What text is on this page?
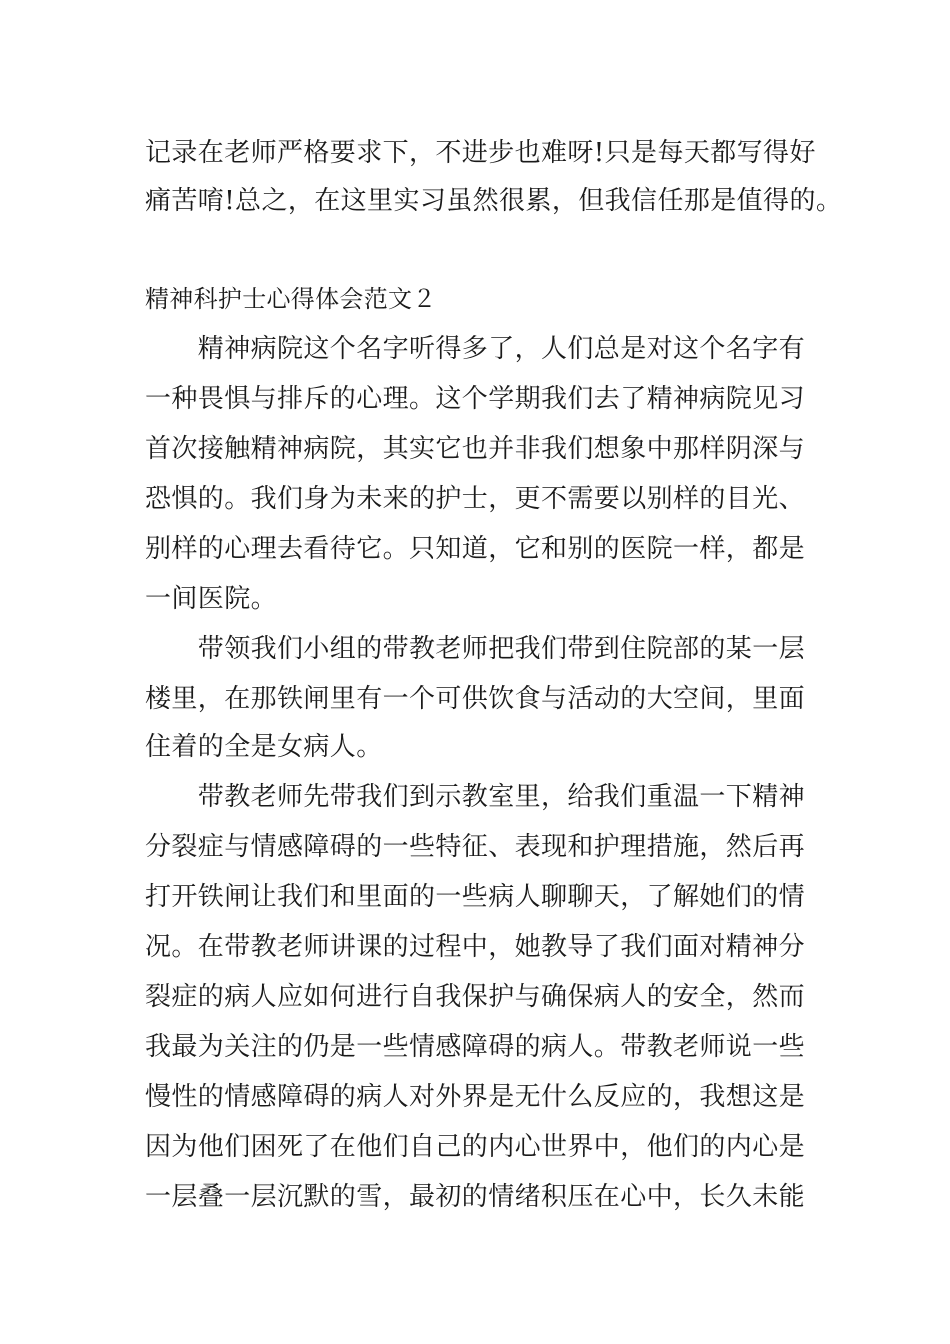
记录在老师严格要求下，不进步也难呀!只是每天都写得好
痛苦唷!总之，在这里实习虽然很累，但我信任那是值得的。
精神科护士心得体会范文２
　　精神病院这个名字听得多了，人们总是对这个名字有
一种畏惧与排斥的心理。这个学期我们去了精神病院见习
首次接触精神病院，其实它也并非我们想象中那样阴深与
恐惧的。我们身为未来的护士，更不需要以别样的目光、
别样的心理去看待它。只知道，它和别的医院一样，都是
一间医院。
　　带领我们小组的带教老师把我们带到住院部的某一层
楼里，在那铁闸里有一个可供饮食与活动的大空间，里面
住着的全是女病人。
　　带教老师先带我们到示教室里，给我们重温一下精神
分裂症与情感障碍的一些特征、表现和护理措施，然后再
打开铁闸让我们和里面的一些病人聊聊天，了解她们的情
况。在带教老师讲课的过程中，她教导了我们面对精神分
裂症的病人应如何进行自我保护与确保病人的安全，然而
我最为关注的仍是一些情感障碍的病人。带教老师说一些
慢性的情感障碍的病人对外界是无什么反应的，我想这是
因为他们困死了在他们自己的内心世界中，他们的内心是
一层叠一层沉默的雪，最初的情绪积压在心中，长久未能
